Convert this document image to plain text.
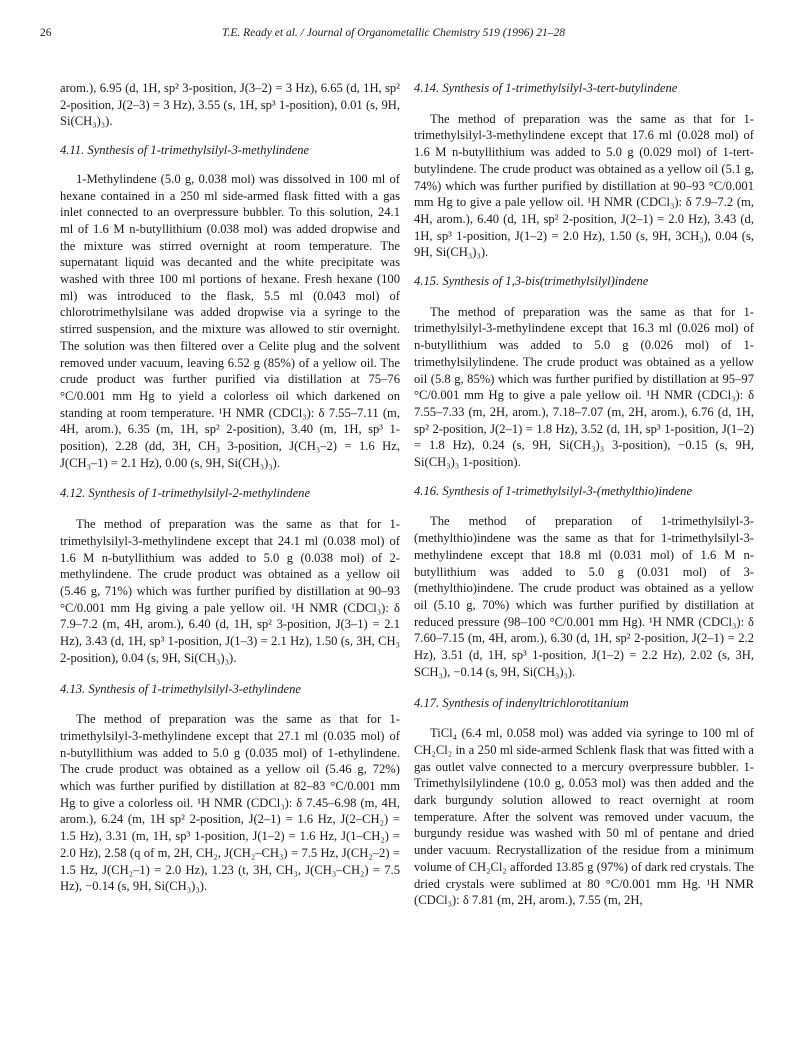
26	T.E. Ready et al. / Journal of Organometallic Chemistry 519 (1996) 21–28

arom.), 6.95 (d, 1H, sp² 3-position, J(3–2) = 3 Hz), 6.65 (d, 1H, sp² 2-position, J(2–3) = 3 Hz), 3.55 (s, 1H, sp³ 1-position), 0.01 (s, 9H, Si(CH₃)₃).

4.11. Synthesis of 1-trimethylsilyl-3-methylindene

1-Methylindene (5.0 g, 0.038 mol) was dissolved in 100 ml of hexane contained in a 250 ml side-armed flask fitted with a gas inlet connected to an overpressure bubbler. To this solution, 24.1 ml of 1.6 M n-butyllithium (0.038 mol) was added dropwise and the mixture was stirred overnight at room temperature. The supernatant liquid was decanted and the white precipitate was washed with three 100 ml portions of hexane. Fresh hexane (100 ml) was introduced to the flask, 5.5 ml (0.043 mol) of chlorotrimethylsilane was added dropwise via a syringe to the stirred suspension, and the mixture was allowed to stir overnight. The solution was then filtered over a Celite plug and the solvent removed under vacuum, leaving 6.52 g (85%) of a yellow oil. The crude product was further purified via distillation at 75–76 °C/0.001 mm Hg to yield a colorless oil which darkened on standing at room temperature. ¹H NMR (CDCl₃): δ 7.55–7.11 (m, 4H, arom.), 6.35 (m, 1H, sp² 2-position), 3.40 (m, 1H, sp³ 1-position), 2.28 (dd, 3H, CH₃ 3-position, J(CH₃–2) = 1.6 Hz, J(CH₃–1) = 2.1 Hz), 0.00 (s, 9H, Si(CH₃)₃).

4.12. Synthesis of 1-trimethylsilyl-2-methylindene

The method of preparation was the same as that for 1-trimethylsilyl-3-methylindene except that 24.1 ml (0.038 mol) of 1.6 M n-butyllithium was added to 5.0 g (0.038 mol) of 2-methylindene. The crude product was obtained as a yellow oil (5.46 g, 71%) which was further purified by distillation at 90–93 °C/0.001 mm Hg giving a pale yellow oil. ¹H NMR (CDCl₃): δ 7.9–7.2 (m, 4H, arom.), 6.40 (d, 1H, sp² 3-position, J(3–1) = 2.1 Hz), 3.43 (d, 1H, sp³ 1-position, J(1–3) = 2.1 Hz), 1.50 (s, 3H, CH₃ 2-position), 0.04 (s, 9H, Si(CH₃)₃).

4.13. Synthesis of 1-trimethylsilyl-3-ethylindene

The method of preparation was the same as that for 1-trimethylsilyl-3-methylindene except that 27.1 ml (0.035 mol) of n-butyllithium was added to 5.0 g (0.035 mol) of 1-ethylindene. The crude product was obtained as a yellow oil (5.46 g, 72%) which was further purified by distillation at 82–83 °C/0.001 mm Hg to give a colorless oil. ¹H NMR (CDCl₃): δ 7.45–6.98 (m, 4H, arom.), 6.24 (m, 1H sp² 2-position, J(2–1) = 1.6 Hz, J(2–CH₂) = 1.5 Hz), 3.31 (m, 1H, sp³ 1-position, J(1–2) = 1.6 Hz, J(1–CH₂) = 2.0 Hz), 2.58 (q of m, 2H, CH₂, J(CH₂–CH₃) = 7.5 Hz, J(CH₂–2) = 1.5 Hz, J(CH₂–1) = 2.0 Hz), 1.23 (t, 3H, CH₃, J(CH₃–CH₂) = 7.5 Hz), −0.14 (s, 9H, Si(CH₃)₃).

4.14. Synthesis of 1-trimethylsilyl-3-tert-butylindene

The method of preparation was the same as that for 1-trimethylsilyl-3-methylindene except that 17.6 ml (0.028 mol) of 1.6 M n-butyllithium was added to 5.0 g (0.029 mol) of 1-tert-butylindene. The crude product was obtained as a yellow oil (5.1 g, 74%) which was further purified by distillation at 90–93 °C/0.001 mm Hg to give a pale yellow oil. ¹H NMR (CDCl₃): δ 7.9–7.2 (m, 4H, arom.), 6.40 (d, 1H, sp² 2-position, J(2–1) = 2.0 Hz), 3.43 (d, 1H, sp³ 1-position, J(1–2) = 2.0 Hz), 1.50 (s, 9H, 3CH₃), 0.04 (s, 9H, Si(CH₃)₃).

4.15. Synthesis of 1,3-bis(trimethylsilyl)indene

The method of preparation was the same as that for 1-trimethylsilyl-3-methylindene except that 16.3 ml (0.026 mol) of n-butyllithium was added to 5.0 g (0.026 mol) of 1-trimethylsilylindene. The crude product was obtained as a yellow oil (5.8 g, 85%) which was further purified by distillation at 95–97 °C/0.001 mm Hg to give a pale yellow oil. ¹H NMR (CDCl₃): δ 7.55–7.33 (m, 2H, arom.), 7.18–7.07 (m, 2H, arom.), 6.76 (d, 1H, sp² 2-position, J(2–1) = 1.8 Hz), 3.52 (d, 1H, sp³ 1-position, J(1–2) = 1.8 Hz), 0.24 (s, 9H, Si(CH₃)₃ 3-position), −0.15 (s, 9H, Si(CH₃)₃ 1-position).

4.16. Synthesis of 1-trimethylsilyl-3-(methylthio)indene

The method of preparation of 1-trimethylsilyl-3-(methylthio)indene was the same as that for 1-trimethylsilyl-3-methylindene except that 18.8 ml (0.031 mol) of 1.6 M n-butyllithium was added to 5.0 g (0.031 mol) of 3-(methylthio)indene. The crude product was obtained as a yellow oil (5.10 g, 70%) which was further purified by distillation at reduced pressure (98–100 °C/0.001 mm Hg). ¹H NMR (CDCl₃): δ 7.60–7.15 (m, 4H, arom.), 6.30 (d, 1H, sp² 2-position, J(2–1) = 2.2 Hz), 3.51 (d, 1H, sp³ 1-position, J(1–2) = 2.2 Hz), 2.02 (s, 3H, SCH₃), −0.14 (s, 9H, Si(CH₃)₃).

4.17. Synthesis of indenyltrichlorotitanium

TiCl₄ (6.4 ml, 0.058 mol) was added via syringe to 100 ml of CH₂Cl₂ in a 250 ml side-armed Schlenk flask that was fitted with a gas outlet valve connected to a mercury overpressure bubbler. 1-Trimethylsilylindene (10.0 g, 0.053 mol) was then added and the dark burgundy solution allowed to react overnight at room temperature. After the solvent was removed under vacuum, the burgundy residue was washed with 50 ml of pentane and dried under vacuum. Recrystallization of the residue from a minimum volume of CH₂Cl₂ afforded 13.85 g (97%) of dark red crystals. The dried crystals were sublimed at 80 °C/0.001 mm Hg. ¹H NMR (CDCl₃): δ 7.81 (m, 2H, arom.), 7.55 (m, 2H,
